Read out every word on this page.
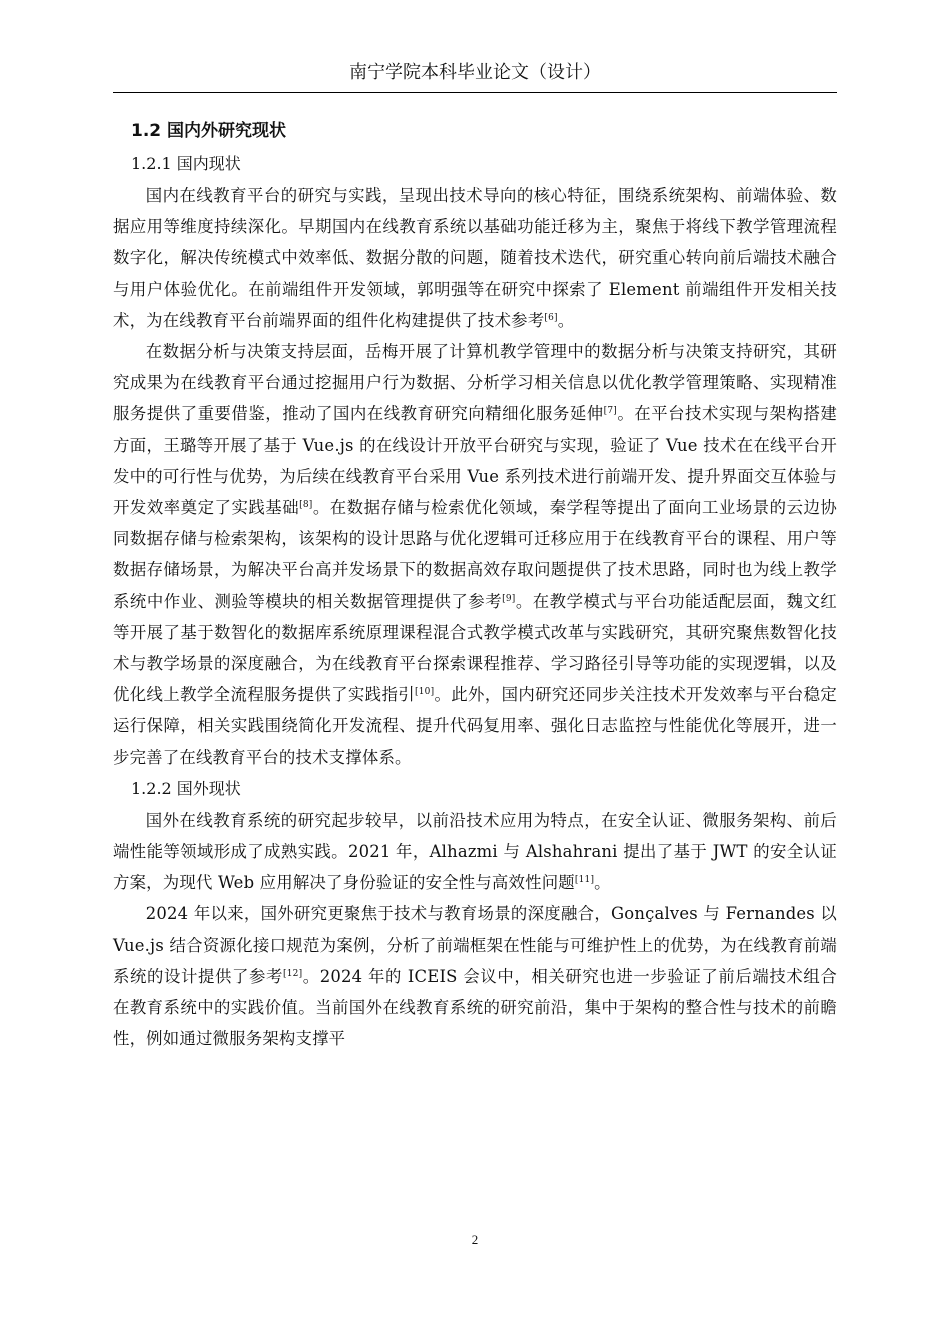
南宁学院本科毕业论文（设计）
1.2 国内外研究现状
1.2.1 国内现状

国内在线教育平台的研究与实践，呈现出技术导向的核心特征，围绕系统架构、前端体验、数据应用等维度持续深化。早期国内在线教育系统以基础功能迁移为主，聚焦于将线下教学管理流程数字化，解决传统模式中效率低、数据分散的问题，随着技术迭代，研究重心转向前后端技术融合与用户体验优化。在前端组件开发领域，郭明强等在研究中探索了 Element 前端组件开发相关技术，为在线教育平台前端界面的组件化构建提供了技术参考[6]。

在数据分析与决策支持层面，岳梅开展了计算机教学管理中的数据分析与决策支持研究，其研究成果为在线教育平台通过挖掘用户行为数据、分析学习相关信息以优化教学管理策略、实现精准服务提供了重要借鉴，推动了国内在线教育研究向精细化服务延伸[7]。在平台技术实现与架构搭建方面，王璐等开展了基于 Vue.js 的在线设计开放平台研究与实现，验证了 Vue 技术在在线平台开发中的可行性与优势，为后续在线教育平台采用 Vue 系列技术进行前端开发、提升界面交互体验与开发效率奠定了实践基础[8]。在数据存储与检索优化领域，秦学程等提出了面向工业场景的云边协同数据存储与检索架构，该架构的设计思路与优化逻辑可迁移应用于在线教育平台的课程、用户等数据存储场景，为解决平台高并发场景下的数据高效存取问题提供了技术思路，同时也为线上教学系统中作业、测验等模块的相关数据管理提供了参考[9]。在教学模式与平台功能适配层面，魏文红等开展了基于数智化的数据库系统原理课程混合式教学模式改革与实践研究，其研究聚焦数智化技术与教学场景的深度融合，为在线教育平台探索课程推荐、学习路径引导等功能的实现逻辑，以及优化线上教学全流程服务提供了实践指引[10]。此外，国内研究还同步关注技术开发效率与平台稳定运行保障，相关实践围绕简化开发流程、提升代码复用率、强化日志监控与性能优化等展开，进一步完善了在线教育平台的技术支撑体系。

1.2.2 国外现状

国外在线教育系统的研究起步较早，以前沿技术应用为特点，在安全认证、微服务架构、前后端性能等领域形成了成熟实践。2021 年，Alhazmi 与 Alshahrani 提出了基于 JWT 的安全认证方案，为现代 Web 应用解决了身份验证的安全性与高效性问题[11]。

2024 年以来，国外研究更聚焦于技术与教育场景的深度融合，Gonçalves 与 Fernandes 以 Vue.js 结合资源化接口规范为案例，分析了前端框架在性能与可维护性上的优势，为在线教育前端系统的设计提供了参考[12]。2024 年的 ICEIS 会议中，相关研究也进一步验证了前后端技术组合在教育系统中的实践价值。当前国外在线教育系统的研究前沿，集中于架构的整合性与技术的前瞻性，例如通过微服务架构支撑平

2
